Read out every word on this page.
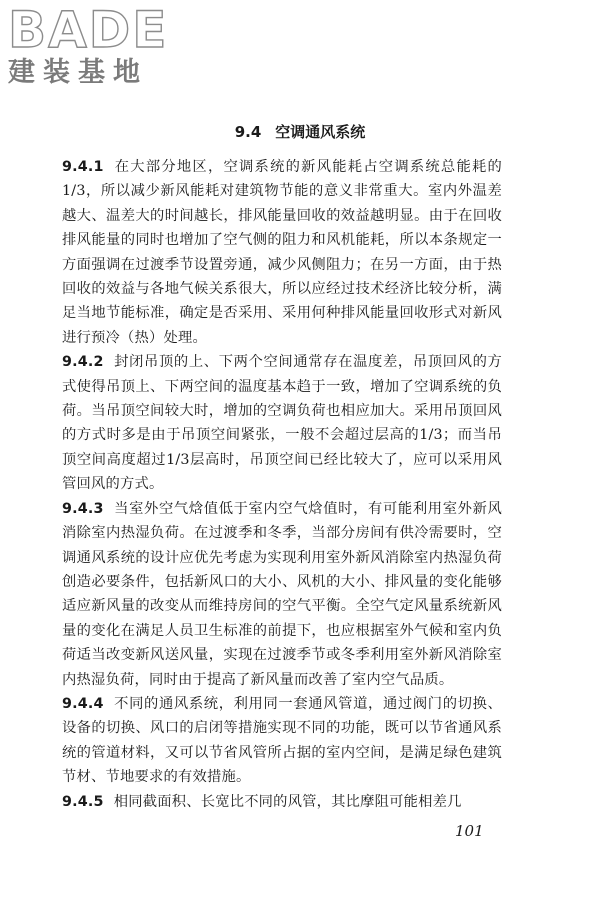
BADE
建装基地
9.4 空调通风系统

9.4.1 在大部分地区，空调系统的新风能耗占空调系统总能耗的1/3，所以减少新风能耗对建筑物节能的意义非常重大。室内外温差越大、温差大的时间越长，排风能量回收的效益越明显。由于在回收排风能量的同时也增加了空气侧的阻力和风机能耗，所以本条规定一方面强调在过渡季节设置旁通，减少风侧阻力；在另一方面，由于热回收的效益与各地气候关系很大，所以应经过技术经济比较分析，满足当地节能标准，确定是否采用、采用何种排风能量回收形式对新风进行预冷（热）处理。

9.4.2 封闭吊顶的上、下两个空间通常存在温度差，吊顶回风的方式使得吊顶上、下两空间的温度基本趋于一致，增加了空调系统的负荷。当吊顶空间较大时，增加的空调负荷也相应加大。采用吊顶回风的方式时多是由于吊顶空间紧张，一般不会超过层高的1/3；而当吊顶空间高度超过1/3层高时，吊顶空间已经比较大了，应可以采用风管回风的方式。

9.4.3 当室外空气焓值低于室内空气焓值时，有可能利用室外新风消除室内热湿负荷。在过渡季和冬季，当部分房间有供冷需要时，空调通风系统的设计应优先考虑为实现利用室外新风消除室内热湿负荷创造必要条件，包括新风口的大小、风机的大小、排风量的变化能够适应新风量的改变从而维持房间的空气平衡。全空气定风量系统新风量的变化在满足人员卫生标准的前提下，也应根据室外气候和室内负荷适当改变新风送风量，实现在过渡季节或冬季利用室外新风消除室内热湿负荷，同时由于提高了新风量而改善了室内空气品质。

9.4.4 不同的通风系统，利用同一套通风管道，通过阀门的切换、设备的切换、风口的启闭等措施实现不同的功能，既可以节省通风系统的管道材料，又可以节省风管所占据的室内空间，是满足绿色建筑节材、节地要求的有效措施。

9.4.5 相同截面积、长宽比不同的风管，其比摩阻可能相差几

101
